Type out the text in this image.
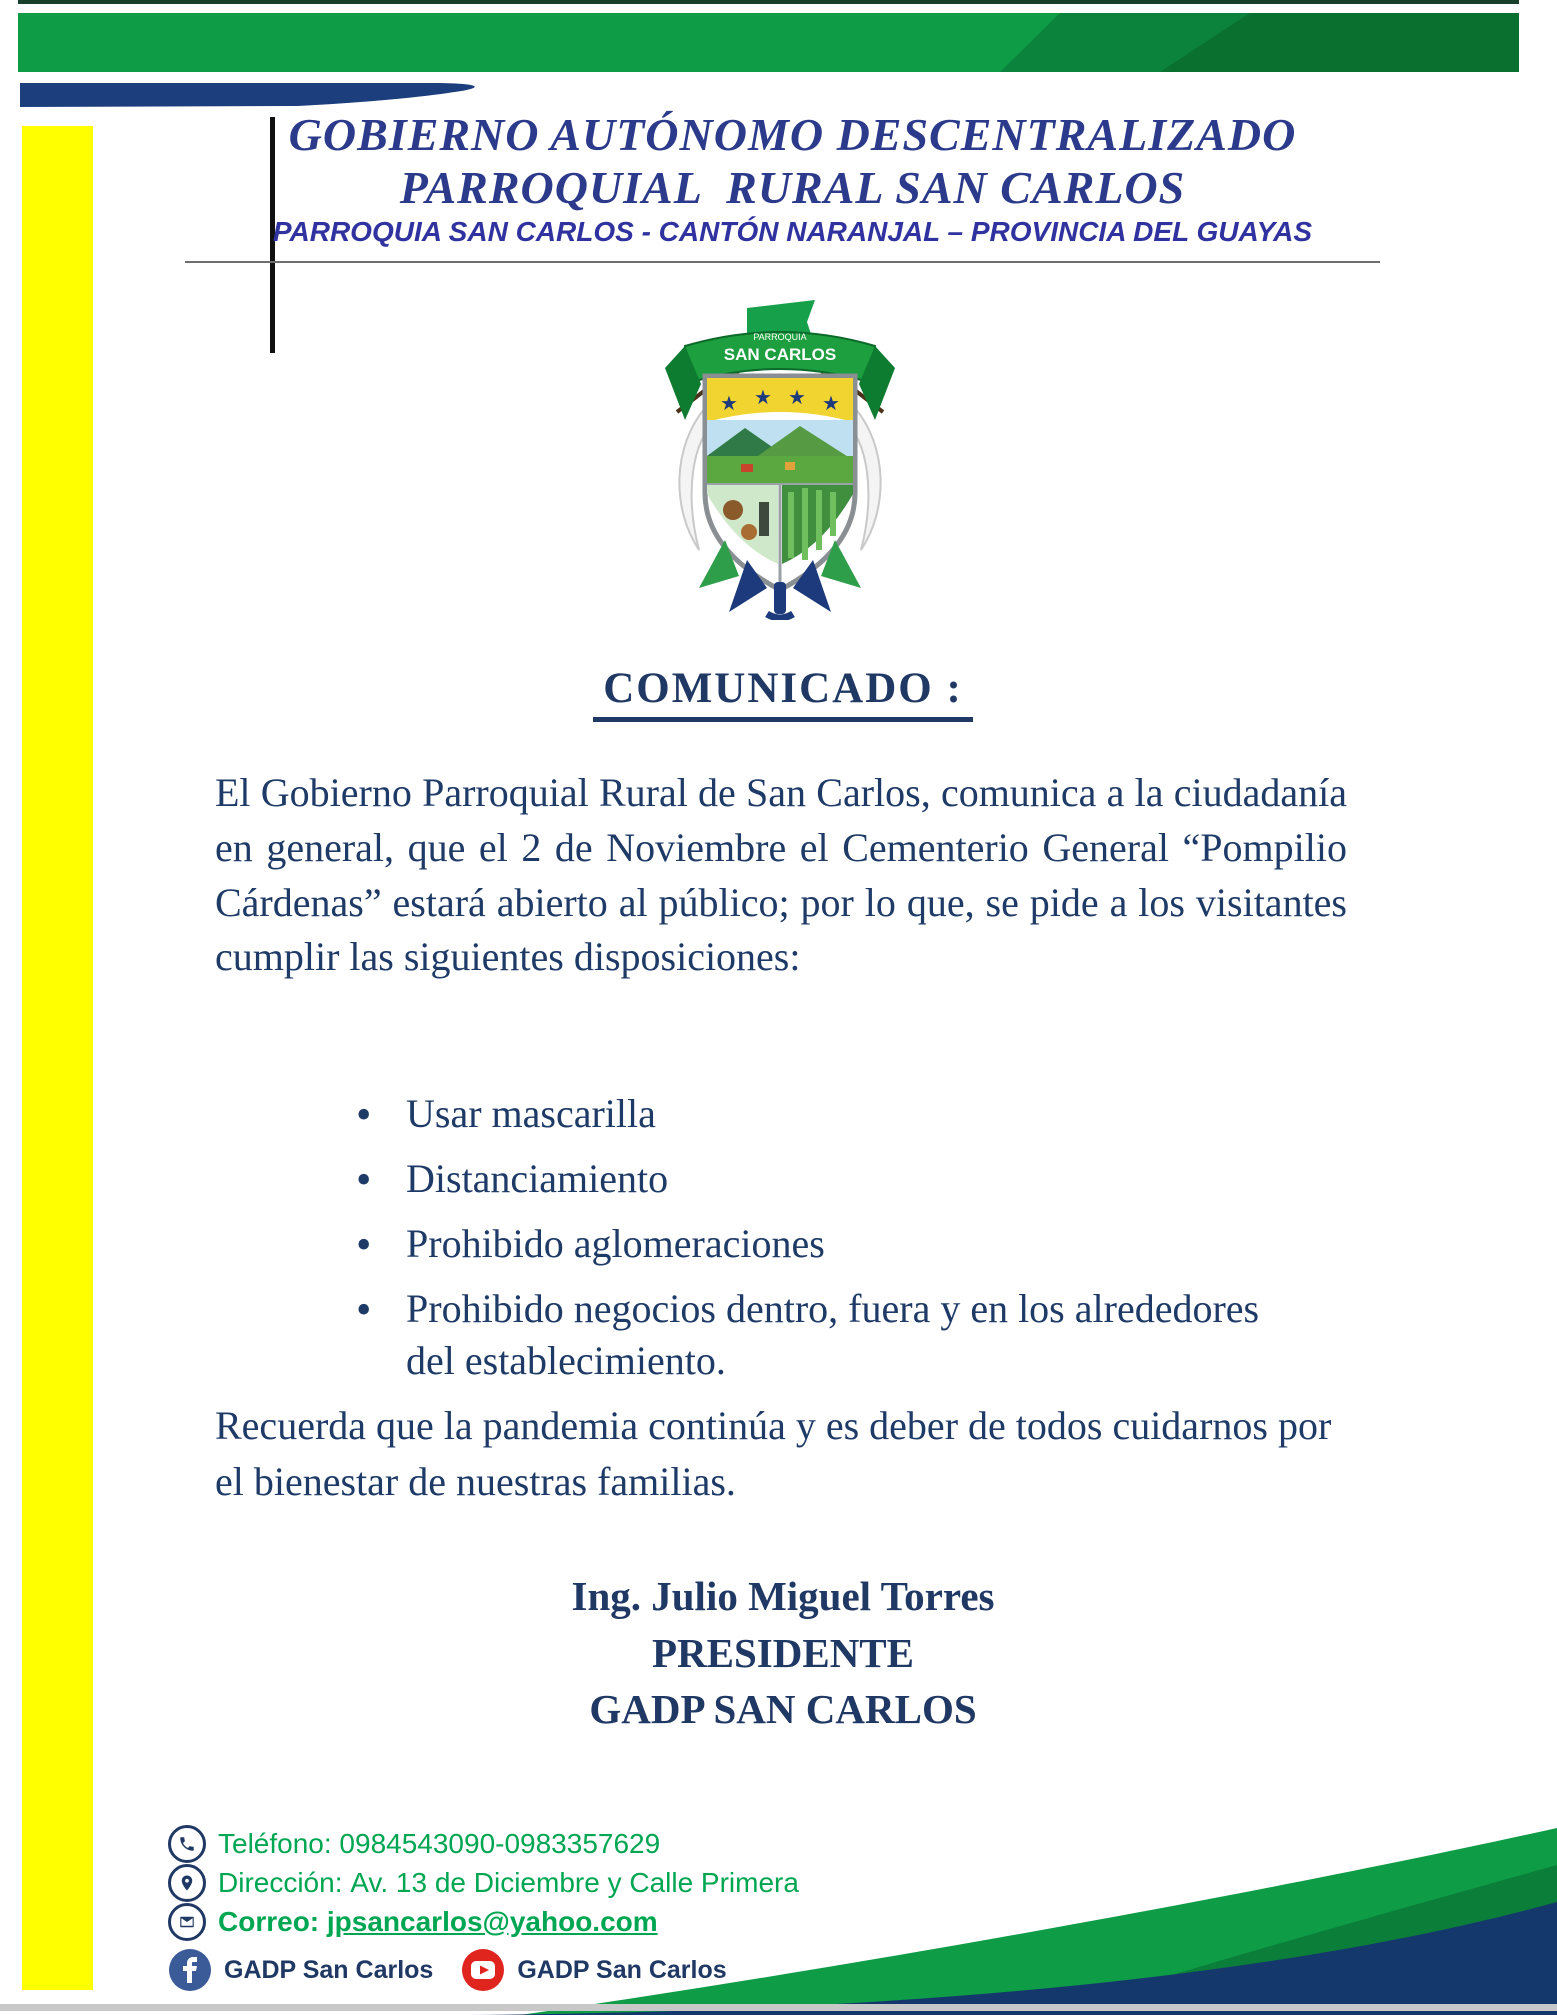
GOBIERNO AUTÓNOMO DESCENTRALIZADO
PARROQUIAL  RURAL SAN CARLOS
PARROQUIA SAN CARLOS - CANTÓN NARANJAL – PROVINCIA DEL GUAYAS
PARROQUIA
SAN CARLOS
★ ★ ★ ★
COMUNICADO :
El Gobierno Parroquial Rural de San Carlos, comunica a la ciudadanía en general, que el 2 de Noviembre el Cementerio General “Pompilio Cárdenas” estará abierto al público; por lo que, se pide a los visitantes cumplir las siguientes disposiciones:
• Usar mascarilla
• Distanciamiento
• Prohibido aglomeraciones
• Prohibido negocios dentro, fuera y en los alrededores del establecimiento.
Recuerda que la pandemia continúa y es deber de todos cuidarnos por el bienestar de nuestras familias.
Ing. Julio Miguel Torres
PRESIDENTE
GADP SAN CARLOS
Teléfono:
0984543090-0983357629
Dirección:
Av. 13 de Diciembre y Calle Primera
Correo:
jpsancarlos@yahoo.com
GADP San Carlos	GADP San Carlos
